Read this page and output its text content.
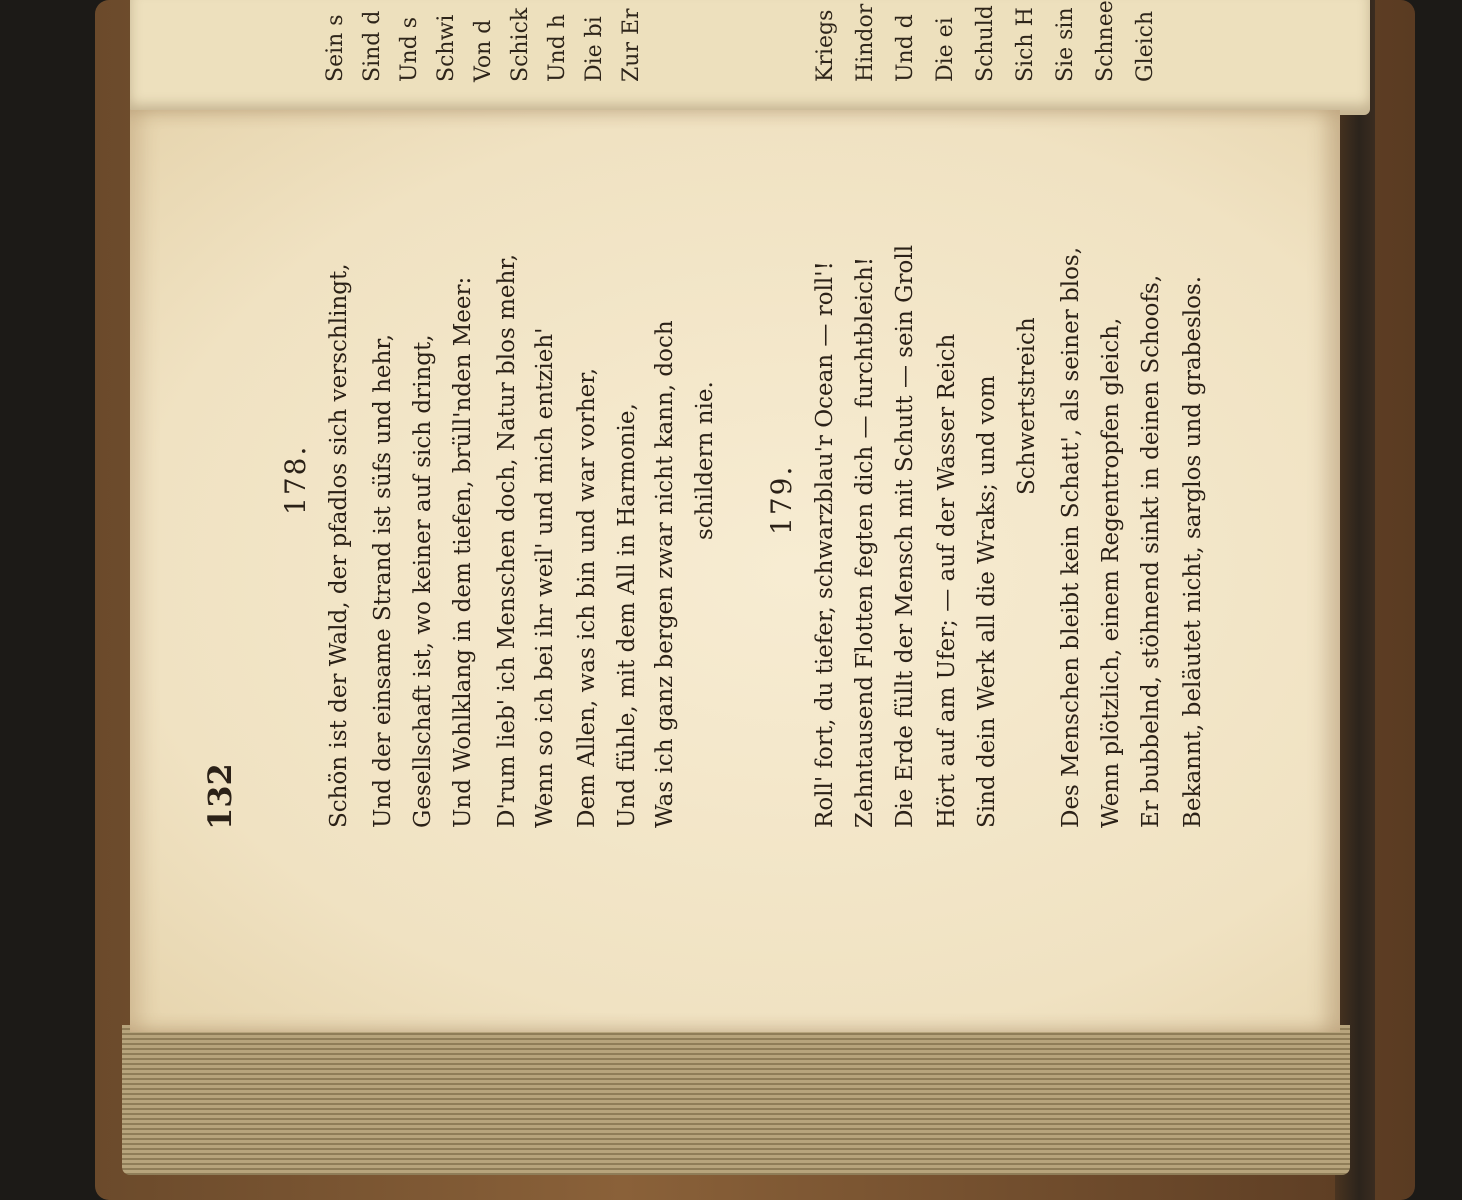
Sein s Sind d Und s Schwi Von d Schick Und h Die bi Zur Er	Kriegs Hindor Und d Die ei Schuld Sich H Sie sin Schnee Gleich
132
178. Schön ist der Wald, der pfadlos sich verschlingt, Und der einsame Strand ist süfs und hehr, Gesellschaft ist, wo keiner auf sich dringt, Und Wohlklang in dem tiefen, brüll'nden Meer: D'rum lieb' ich Menschen doch, Natur blos mehr, Wenn so ich bei ihr weil' und mich entzieh' Dem Allen, was ich bin und war vorher, Und fühle, mit dem All in Harmonie, Was ich ganz bergen zwar nicht kann, doch schildern nie. 179. Roll' fort, du tiefer, schwarzblau'r Ocean — roll'! Zehntausend Flotten fegten dich — furchtbleich! Die Erde füllt der Mensch mit Schutt — sein Groll Hört auf am Ufer; — auf der Wasser Reich Sind dein Werk all die Wraks; und vom Schwertstreich Des Menschen bleibt kein Schatt', als seiner blos, Wenn plötzlich, einem Regentropfen gleich, Er bubbelnd, stöhnend sinkt in deinen Schoofs, Bekannt, beläutet nicht, sarglos und grabeslos.
